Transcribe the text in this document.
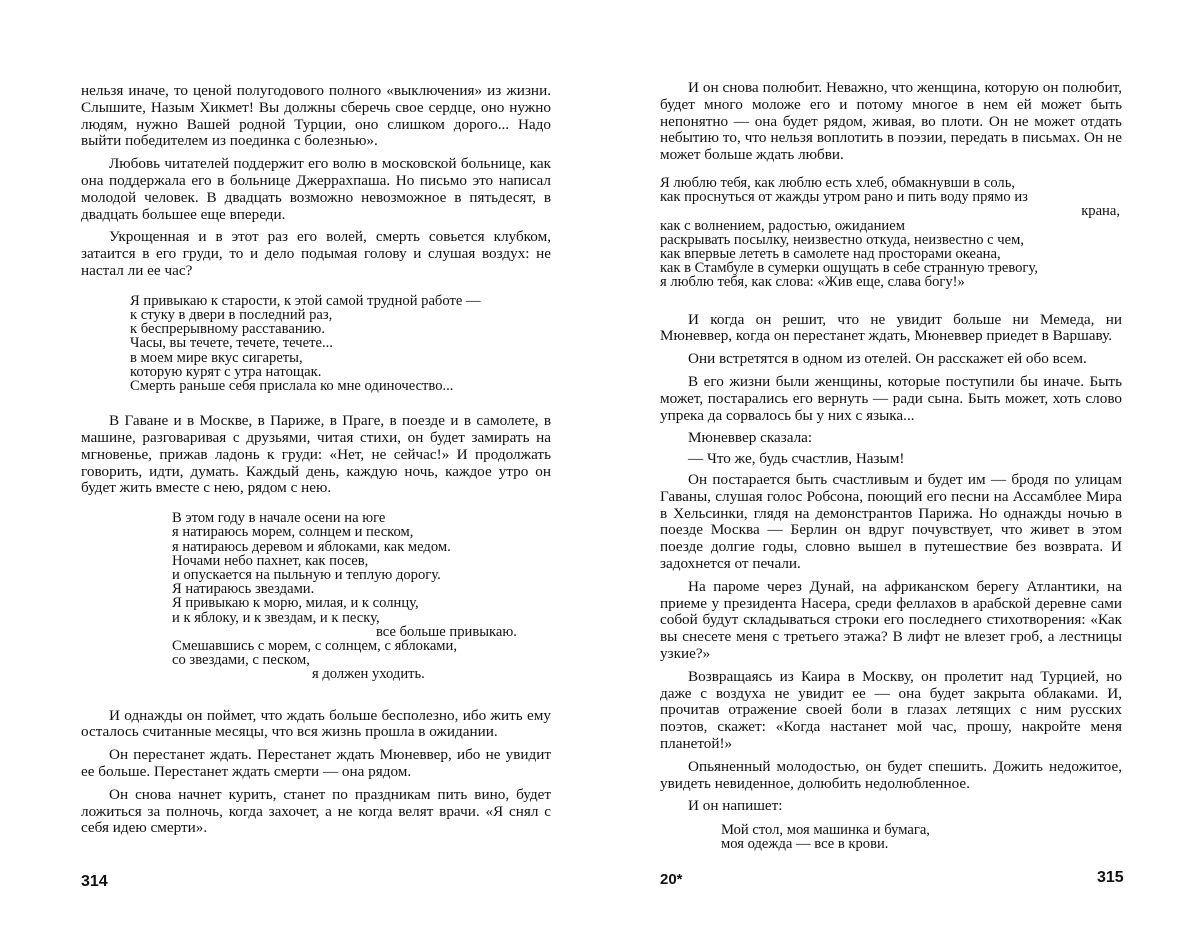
нельзя иначе, то ценой полугодового полного «выключения» из жизни. Слышите, Назым Хикмет! Вы должны сберечь свое сердце, оно нужно людям, нужно Вашей родной Турции, оно слишком дорого... Надо выйти победителем из поединка с болезнью».

Любовь читателей поддержит его волю в московской больнице, как она поддержала его в больнице Джеррахпаша. Но письмо это написал молодой человек. В двадцать возможно невозможное в пятьдесят, в двадцать большее еще впереди.

Укрощенная и в этот раз его волей, смерть совьется клубком, затаится в его груди, то и дело подымая голову и слушая воздух: не настал ли ее час?

Я привыкаю к старости, к этой самой трудной работе —
к стуку в двери в последний раз,
к беспрерывному расставанию.
Часы, вы течете, течете, течете...
в моем мире вкус сигареты,
которую курят с утра натощак.
Смерть раньше себя прислала ко мне одиночество...

В Гаване и в Москве, в Париже, в Праге, в поезде и в самолете, в машине, разговаривая с друзьями, читая стихи, он будет замирать на мгновенье, прижав ладонь к груди: «Нет, не сейчас!» И продолжать говорить, идти, думать. Каждый день, каждую ночь, каждое утро он будет жить вместе с нею, рядом с нею.

В этом году в начале осени на юге
я натираюсь морем, солнцем и песком,
я натираюсь деревом и яблоками, как медом.
Ночами небо пахнет, как посев,
и опускается на пыльную и теплую дорогу.
Я натираюсь звездами.
Я привыкаю к морю, милая, и к солнцу,
и к яблоку, и к звездам, и к песку,
все больше привыкаю.
Смешавшись с морем, с солнцем, с яблоками,
со звездами, с песком,
я должен уходить.

И однажды он поймет, что ждать больше бесполезно, ибо жить ему осталось считанные месяцы, что вся жизнь прошла в ожидании.

Он перестанет ждать. Перестанет ждать Мюневвер, ибо не увидит ее больше. Перестанет ждать смерти — она рядом.

Он снова начнет курить, станет по праздникам пить вино, будет ложиться за полночь, когда захочет, а не когда велят врачи. «Я снял с себя идею смерти».

314

И он снова полюбит. Неважно, что женщина, которую он полюбит, будет много моложе его и потому многое в нем ей может быть непонятно — она будет рядом, живая, во плоти. Он не может отдать небытию то, что нельзя воплотить в поэзии, передать в письмах. Он не может больше ждать любви.

Я люблю тебя, как люблю есть хлеб, обмакнувши в соль,
как проснуться от жажды утром рано и пить воду прямо из
крана,
как с волнением, радостью, ожиданием
раскрывать посылку, неизвестно откуда, неизвестно с чем,
как впервые лететь в самолете над просторами океана,
как в Стамбуле в сумерки ощущать в себе странную тревогу,
я люблю тебя, как слова: «Жив еще, слава богу!»

И когда он решит, что не увидит больше ни Мемеда, ни Мюневвер, когда он перестанет ждать, Мюневвер приедет в Варшаву.

Они встретятся в одном из отелей. Он расскажет ей обо всем.

В его жизни были женщины, которые поступили бы иначе. Быть может, постарались его вернуть — ради сына. Быть может, хоть слово упрека да сорвалось бы у них с языка...

Мюневвер сказала:

— Что же, будь счастлив, Назым!

Он постарается быть счастливым и будет им — бродя по улицам Гаваны, слушая голос Робсона, поющий его песни на Ассамблее Мира в Хельсинки, глядя на демонстрантов Парижа. Но однажды ночью в поезде Москва — Берлин он вдруг почувствует, что живет в этом поезде долгие годы, словно вышел в путешествие без возврата. И задохнется от печали.

На пароме через Дунай, на африканском берегу Атлантики, на приеме у президента Насера, среди феллахов в арабской деревне сами собой будут складываться строки его последнего стихотворения: «Как вы снесете меня с третьего этажа? В лифт не влезет гроб, а лестницы узкие?»

Возвращаясь из Каира в Москву, он пролетит над Турцией, но даже с воздуха не увидит ее — она будет закрыта облаками. И, прочитав отражение своей боли в глазах летящих с ним русских поэтов, скажет: «Когда настанет мой час, прошу, накройте меня планетой!»

Опьяненный молодостью, он будет спешить. Дожить недожитое, увидеть невиденное, долюбить недолюбленное.

И он напишет:

Мой стол, моя машинка и бумага,
моя одежда — все в крови.
20*	315
